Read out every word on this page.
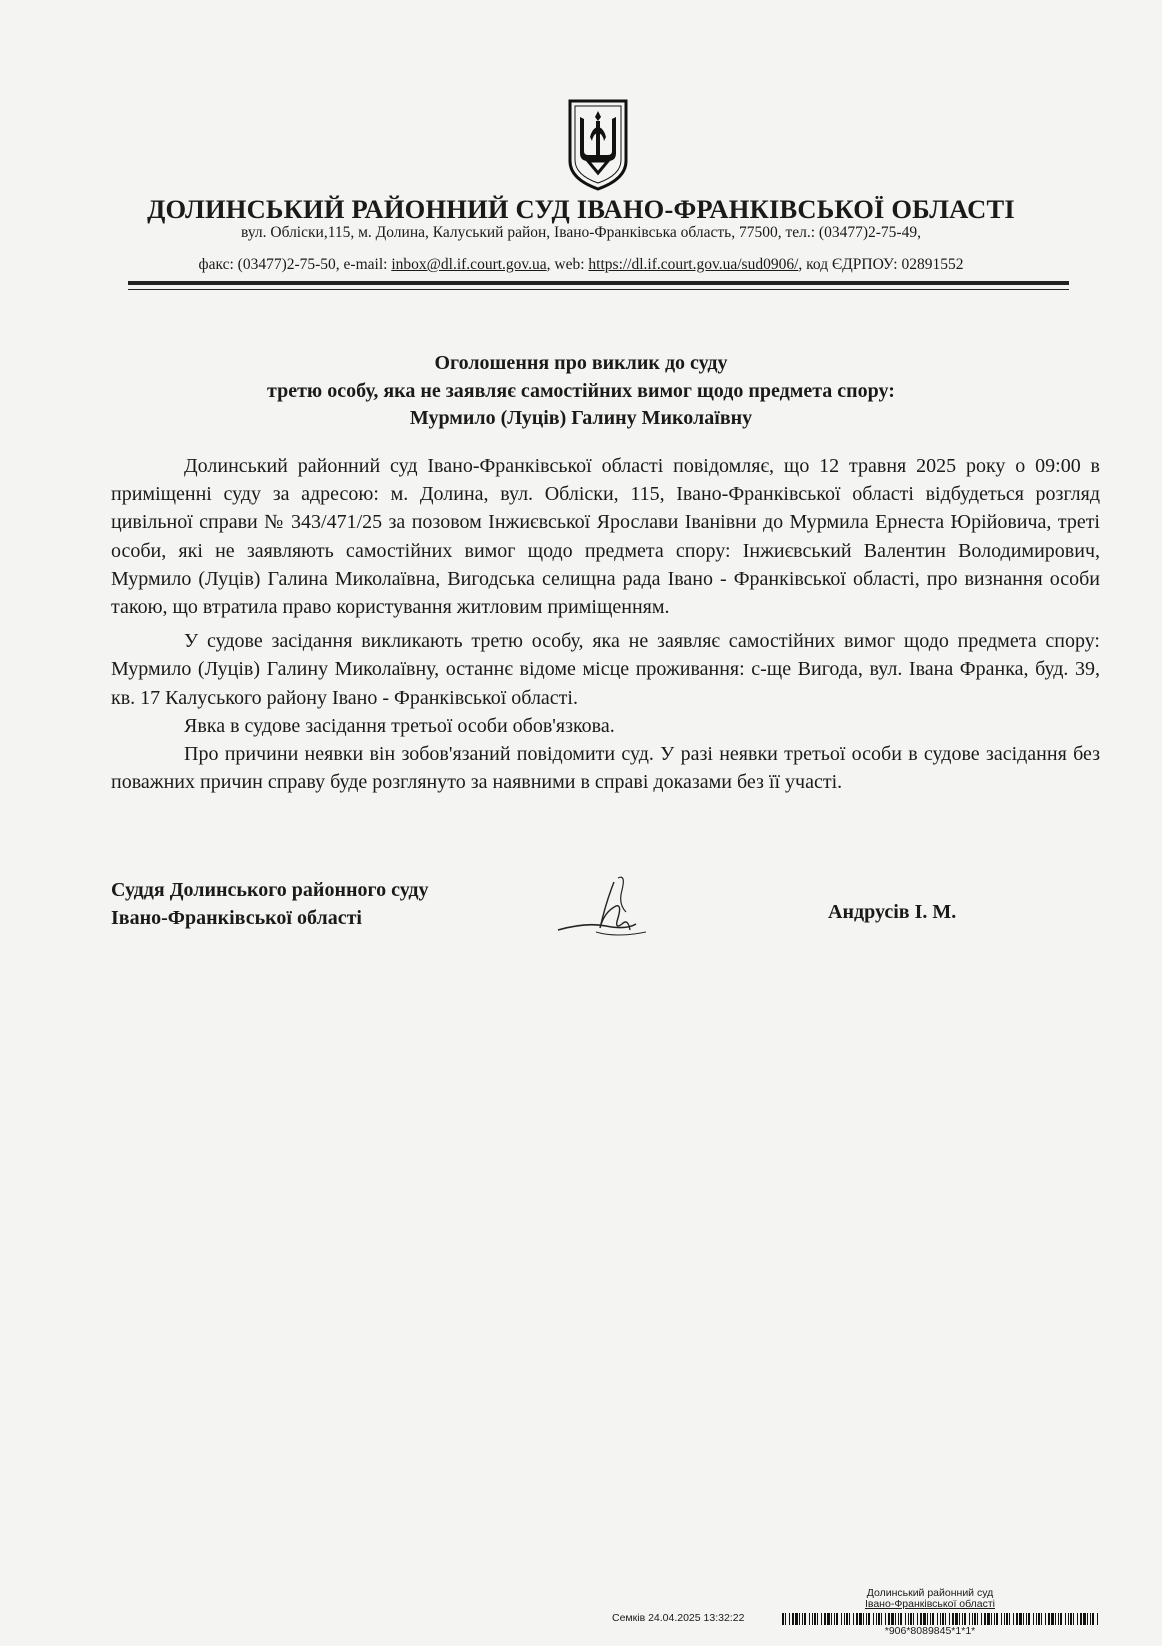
ДОЛИНСЬКИЙ РАЙОННИЙ СУД ІВАНО-ФРАНКІВСЬКОЇ ОБЛАСТІ
вул. Обліски,115, м. Долина, Калуський район, Івано-Франківська область, 77500, тел.: (03477)2-75-49,
факс: (03477)2-75-50, e-mail: inbox@dl.if.court.gov.ua, web: https://dl.if.court.gov.ua/sud0906/, код ЄДРПОУ: 02891552
Оголошення про виклик до суду
третю особу, яка не заявляє самостійних вимог щодо предмета спору:
Мурмило (Луців) Галину Миколаївну

Долинський районний суд Івано-Франківської області повідомляє, що 12 травня 2025 року о 09:00 в приміщенні суду за адресою: м. Долина, вул. Обліски, 115, Івано-Франківської області відбудеться розгляд цивільної справи № 343/471/25 за позовом Інжиєвської Ярослави Іванівни до Мурмила Ернеста Юрійовича, треті особи, які не заявляють самостійних вимог щодо предмета спору: Інжиєвський Валентин Володимирович, Мурмило (Луців) Галина Миколаївна, Вигодська селищна рада Івано - Франківської області, про визнання особи такою, що втратила право користування житловим приміщенням.

У судове засідання викликають третю особу, яка не заявляє самостійних вимог щодо предмета спору:      Мурмило (Луців) Галину Миколаївну, останнє відоме місце проживання: с-ще Вигода, вул. Івана Франка, буд. 39, кв. 17 Калуського району Івано - Франківської області.

Явка в судове засідання третьої особи обов'язкова.

Про причини неявки він зобов'язаний повідомити суд. У разі неявки третьої особи в судове засідання без поважних причин справу буде розглянуто за наявними в справі доказами без її участі.

Суддя Долинського районного суду
Івано-Франківської області	Андрусів І. М.
Долинський районний суд
Івано-Франківської області
Семків 24.04.2025 13:32:22
*906*8089845*1*1*
